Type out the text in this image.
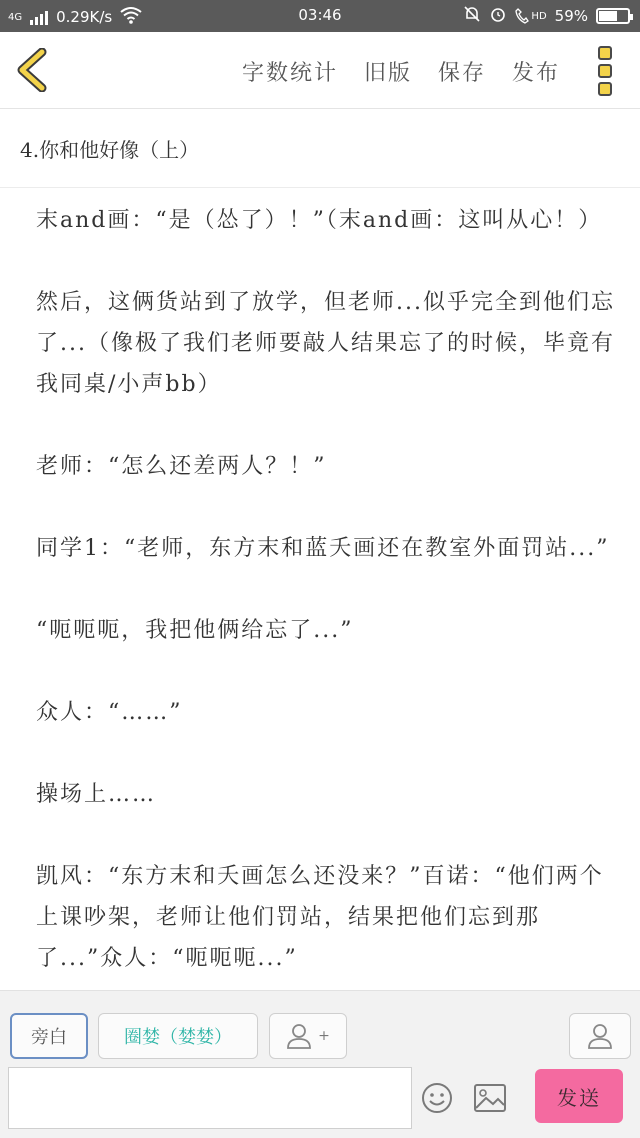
4G 0.29K/s	03:46	HD 59%
字数统计 旧版 保存 发布
4.你和他好像（上）

末and画：“是（怂了）！”（末and画：这叫从心！）

然后，这俩货站到了放学，但老师...似乎完全到他们忘了...（像极了我们老师要敲人结果忘了的时候，毕竟有我同桌/小声bb）

老师：“怎么还差两人？！”

同学1：“老师，东方末和蓝夭画还在教室外面罚站...”

“呃呃呃，我把他俩给忘了...”

众人：“……”

操场上……

凯风：“东方末和夭画怎么还没来？”百诺：“他们两个上课吵架，老师让他们罚站，结果把他们忘到那了...”众人：“呃呃呃...”

旁白	圈婪（婪婪）	+
发送
